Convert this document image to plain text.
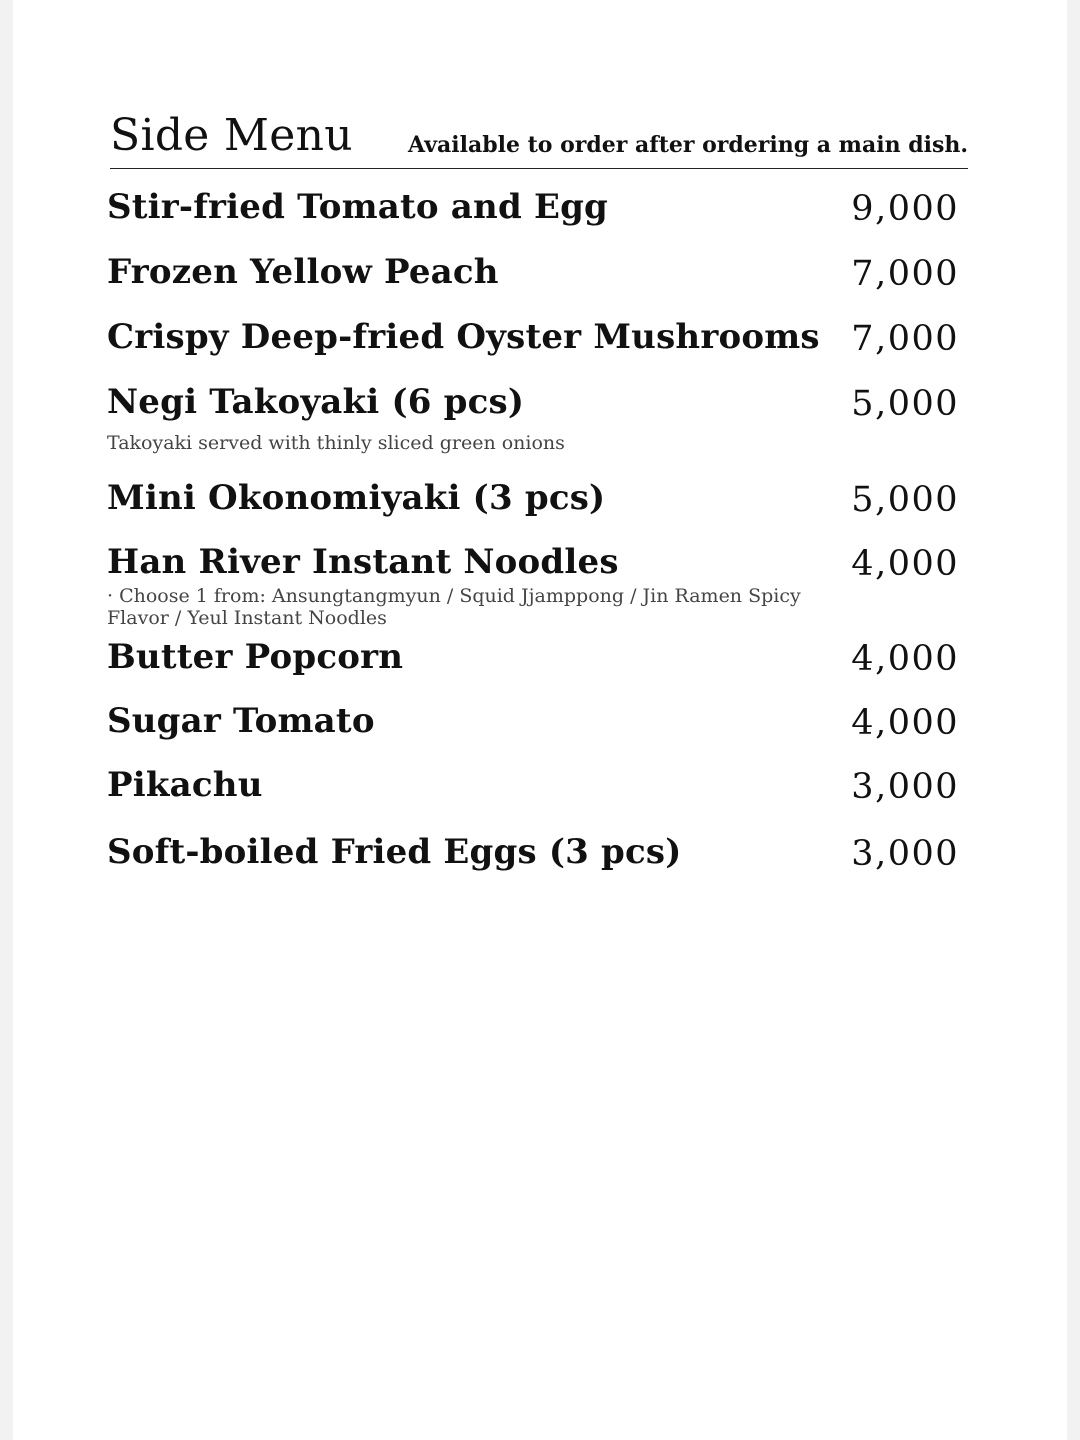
Side Menu	Available to order after ordering a main dish.
Stir-fried Tomato and Egg	9,000
Frozen Yellow Peach	7,000
Crispy Deep-fried Oyster Mushrooms 7,000
Negi Takoyaki (6 pcs)	5,000
Takoyaki served with thinly sliced green onions
Mini Okonomiyaki (3 pcs)	5,000
Han River Instant Noodles	4,000
· Choose 1 from: Ansungtangmyun / Squid Jjamppong / Jin Ramen Spicy Flavor / Yeul Instant Noodles
Butter Popcorn	4,000
Sugar Tomato	4,000
Pikachu	3,000
Soft-boiled Fried Eggs (3 pcs)	3,000
